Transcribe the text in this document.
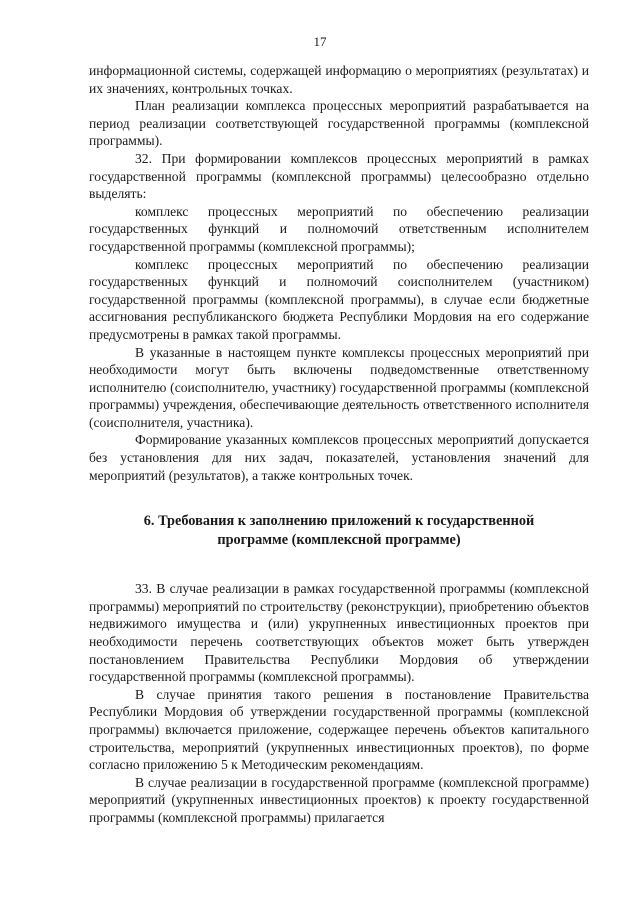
17

информационной системы, содержащей информацию о мероприятиях (результатах) и их значениях, контрольных точках.

План реализации комплекса процессных мероприятий разрабатывается на период реализации соответствующей государственной программы (комплексной программы).

32. При формировании комплексов процессных мероприятий в рамках государственной программы (комплексной программы) целесообразно отдельно выделять:

комплекс процессных мероприятий по обеспечению реализации государственных функций и полномочий ответственным исполнителем государственной программы (комплексной программы);

комплекс процессных мероприятий по обеспечению реализации государственных функций и полномочий соисполнителем (участником) государственной программы (комплексной программы), в случае если бюджетные ассигнования республиканского бюджета Республики Мордовия на его содержание предусмотрены в рамках такой программы.

В указанные в настоящем пункте комплексы процессных мероприятий при необходимости могут быть включены подведомственные ответственному исполнителю (соисполнителю, участнику) государственной программы (комплексной программы) учреждения, обеспечивающие деятельность ответственного исполнителя (соисполнителя, участника).

Формирование указанных комплексов процессных мероприятий допускается без установления для них задач, показателей, установления значений для мероприятий (результатов), а также контрольных точек.

6. Требования к заполнению приложений к государственной программе (комплексной программе)

33. В случае реализации в рамках государственной программы (комплексной программы) мероприятий по строительству (реконструкции), приобретению объектов недвижимого имущества и (или) укрупненных инвестиционных проектов при необходимости перечень соответствующих объектов может быть утвержден постановлением Правительства Республики Мордовия об утверждении государственной программы (комплексной программы).

В случае принятия такого решения в постановление Правительства Республики Мордовия об утверждении государственной программы (комплексной программы) включается приложение, содержащее перечень объектов капитального строительства, мероприятий (укрупненных инвестиционных проектов), по форме согласно приложению 5 к Методическим рекомендациям.

В случае реализации в государственной программе (комплексной программе) мероприятий (укрупненных инвестиционных проектов) к проекту государственной программы (комплексной программы) прилагается
